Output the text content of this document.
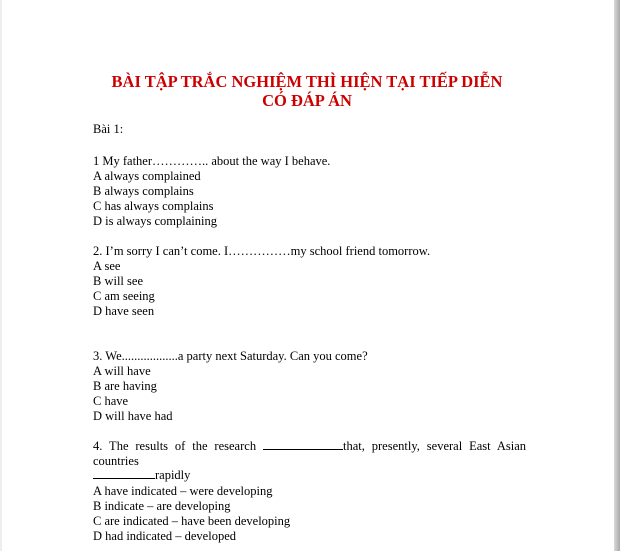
BÀI TẬP TRẮC NGHIỆM THÌ HIỆN TẠI TIẾP DIỄN
CÓ ĐÁP ÁN

Bài 1:

1 My father………….. about the way I behave.

A always complained

B always complains

C has always complains

D is always complaining

2. I’m sorry I can’t come. I……………my school friend tomorrow.

A see

B will see

C am seeing

D have seen

3. We..................a party next Saturday. Can you come?

A will have

B are having

C have

D will have had

4. The results of the research	that, presently, several East Asian

countries

rapidly

A have indicated – were developing

B indicate – are developing

C are indicated – have been developing

D had indicated – developed
